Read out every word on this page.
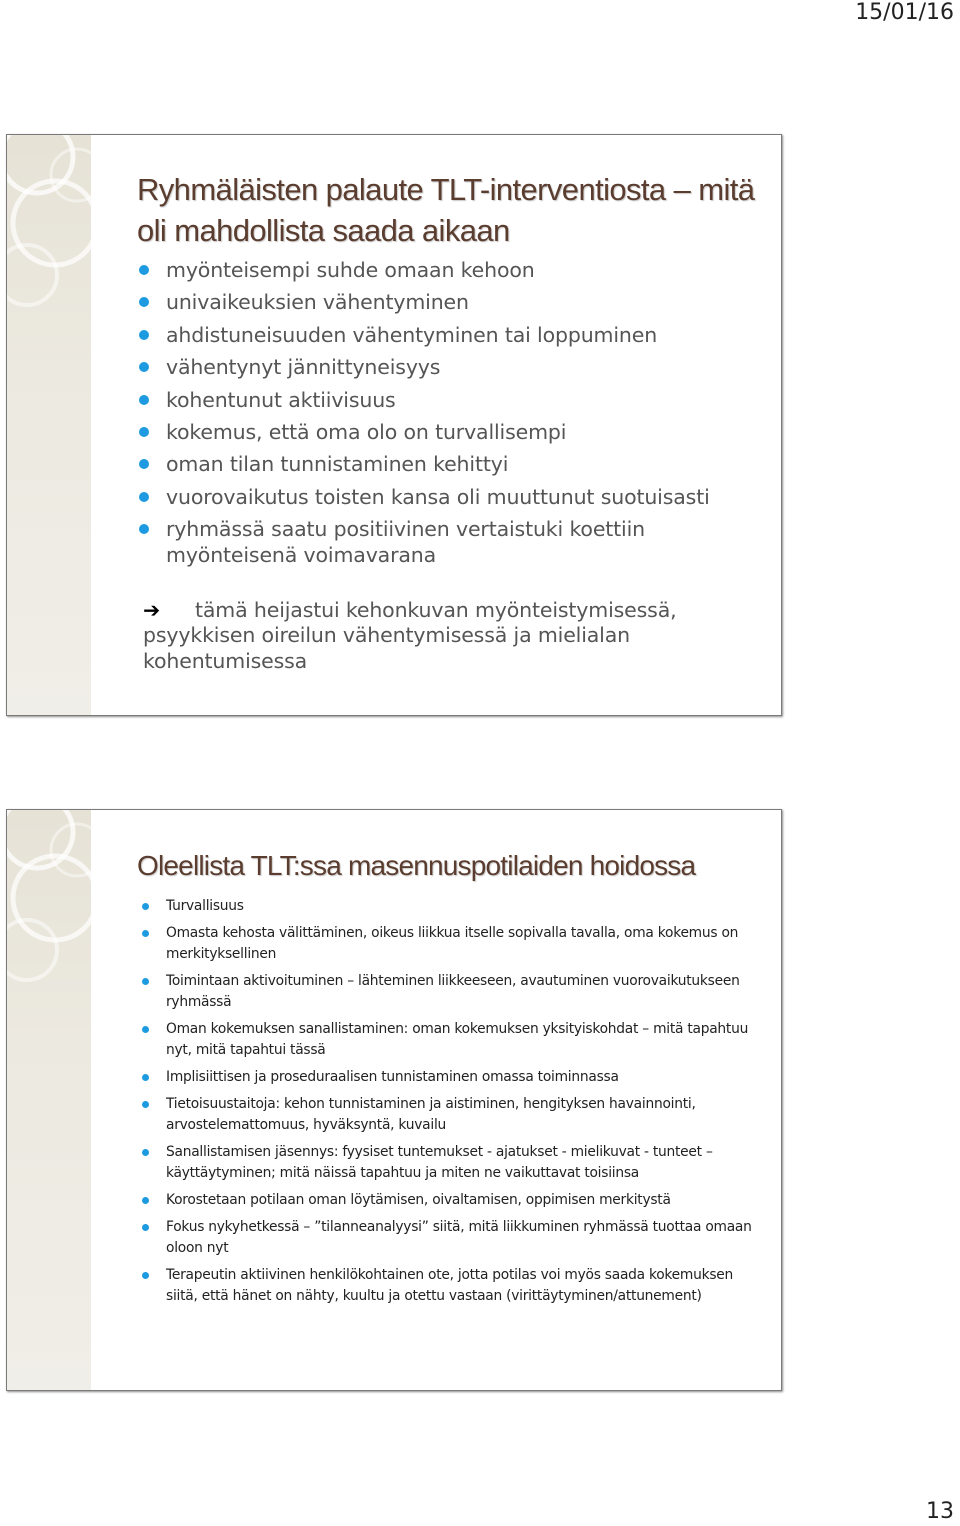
15/01/16
Ryhmäläisten palaute TLT-interventiosta – mitä oli mahdollista saada aikaan
myönteisempi suhde omaan kehoon
univaikeuksien vähentyminen
ahdistuneisuuden vähentyminen tai loppuminen
vähentynyt jännittyneisyys
kohentunut aktiivisuus
kokemus, että oma olo on turvallisempi
oman tilan tunnistaminen kehittyi
vuorovaikutus toisten kansa oli muuttunut suotuisasti
ryhmässä saatu positiivinen vertaistuki koettiin myönteisenä voimavarana

➔ tämä heijastui kehonkuvan myönteistymisessä, psyykkisen oireilun vähentymisessä ja mielialan kohentumisessa

Oleellista TLT:ssa masennuspotilaiden hoidossa
Turvallisuus
Omasta kehosta välittäminen, oikeus liikkua itselle sopivalla tavalla, oma kokemus on merkityksellinen
Toimintaan aktivoituminen – lähteminen liikkeeseen, avautuminen vuorovaikutukseen ryhmässä
Oman kokemuksen sanallistaminen: oman kokemuksen yksityiskohdat – mitä tapahtuu nyt, mitä tapahtui tässä
Implisiittisen ja proseduraalisen tunnistaminen omassa toiminnassa
Tietoisuustaitoja: kehon tunnistaminen ja aistiminen, hengityksen havainnointi, arvostelemattomuus, hyväksyntä, kuvailu
Sanallistamisen jäsennys: fyysiset tuntemukset - ajatukset - mielikuvat - tunteet – käyttäytyminen; mitä näissä tapahtuu ja miten ne vaikuttavat toisiinsa
Korostetaan potilaan oman löytämisen, oivaltamisen, oppimisen merkitystä
Fokus nykyhetkessä – ”tilanneanalyysi” siitä, mitä liikkuminen ryhmässä tuottaa omaan oloon nyt
Terapeutin aktiivinen henkilökohtainen ote, jotta potilas voi myös saada kokemuksen siitä, että hänet on nähty, kuultu ja otettu vastaan (virittäytyminen/attunement)
13
